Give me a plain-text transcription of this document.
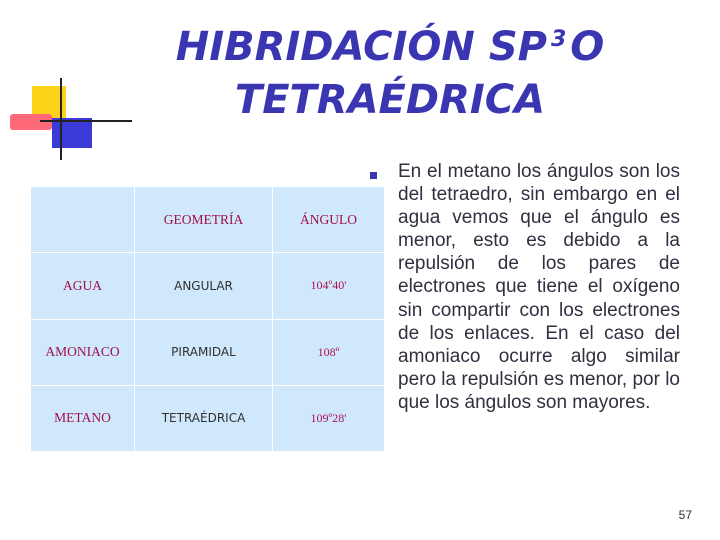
HIBRIDACIÓN SP $^3$ O
TETRAÉDRICA
	GEOMETRÍA	ÁNGULO
AGUA	ANGULAR	104º40'
AMONIACO	PIRAMIDAL	108º
METANO	TETRAÉDRICA	109º28'
En el metano los ángulos son los del tetraedro, sin embargo en el agua vemos que el ángulo es menor, esto es debido a la repulsión de los pares de electrones que tiene el oxígeno sin compartir con los electrones de los enlaces. En el caso del amoniaco ocurre algo similar pero la repulsión es menor, por lo que los ángulos son mayores.
57
